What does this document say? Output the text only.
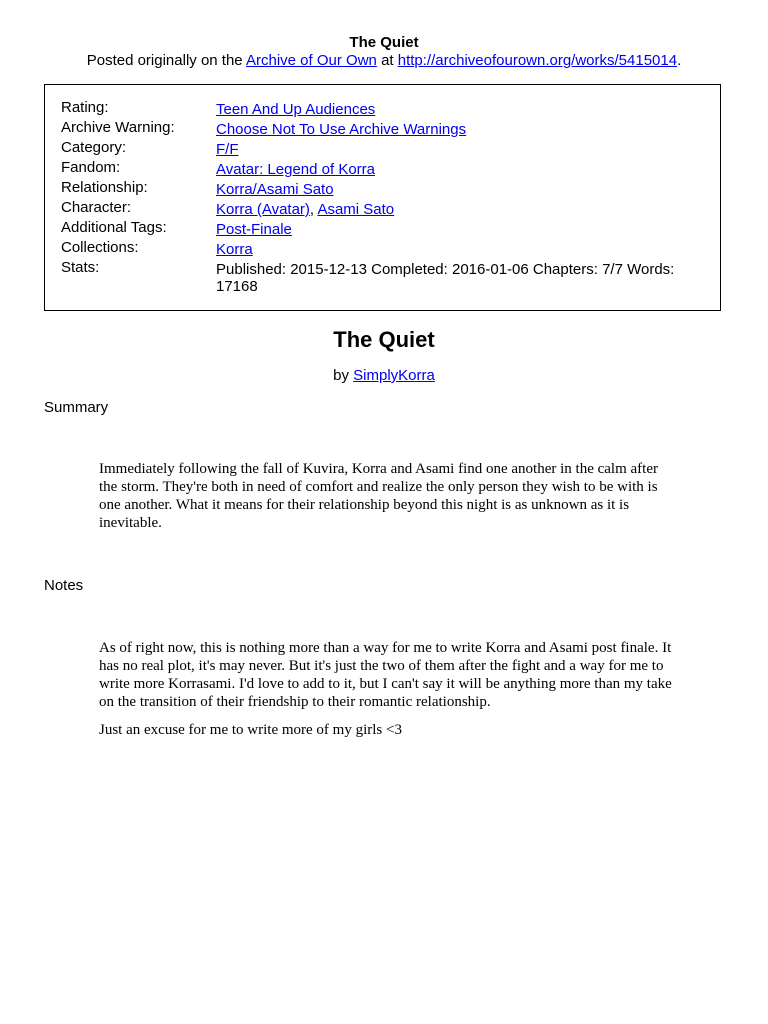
The Quiet
Posted originally on the Archive of Our Own at http://archiveofourown.org/works/5415014.
Rating:	Teen And Up Audiences
Archive Warning:	Choose Not To Use Archive Warnings
Category:	F/F
Fandom:	Avatar: Legend of Korra
Relationship:	Korra/Asami Sato
Character:	Korra (Avatar), Asami Sato
Additional Tags:	Post-Finale
Collections:	Korra
Stats:	Published: 2015-12-13 Completed: 2016-01-06 Chapters: 7/7 Words: 17168
The Quiet
by SimplyKorra
Summary

Immediately following the fall of Kuvira, Korra and Asami find one another in the calm after the storm. They're both in need of comfort and realize the only person they wish to be with is one another. What it means for their relationship beyond this night is as unknown as it is inevitable.

Notes

As of right now, this is nothing more than a way for me to write Korra and Asami post finale. It has no real plot, it's may never. But it's just the two of them after the fight and a way for me to write more Korrasami. I'd love to add to it, but I can't say it will be anything more than my take on the transition of their friendship to their romantic relationship.

Just an excuse for me to write more of my girls <3
